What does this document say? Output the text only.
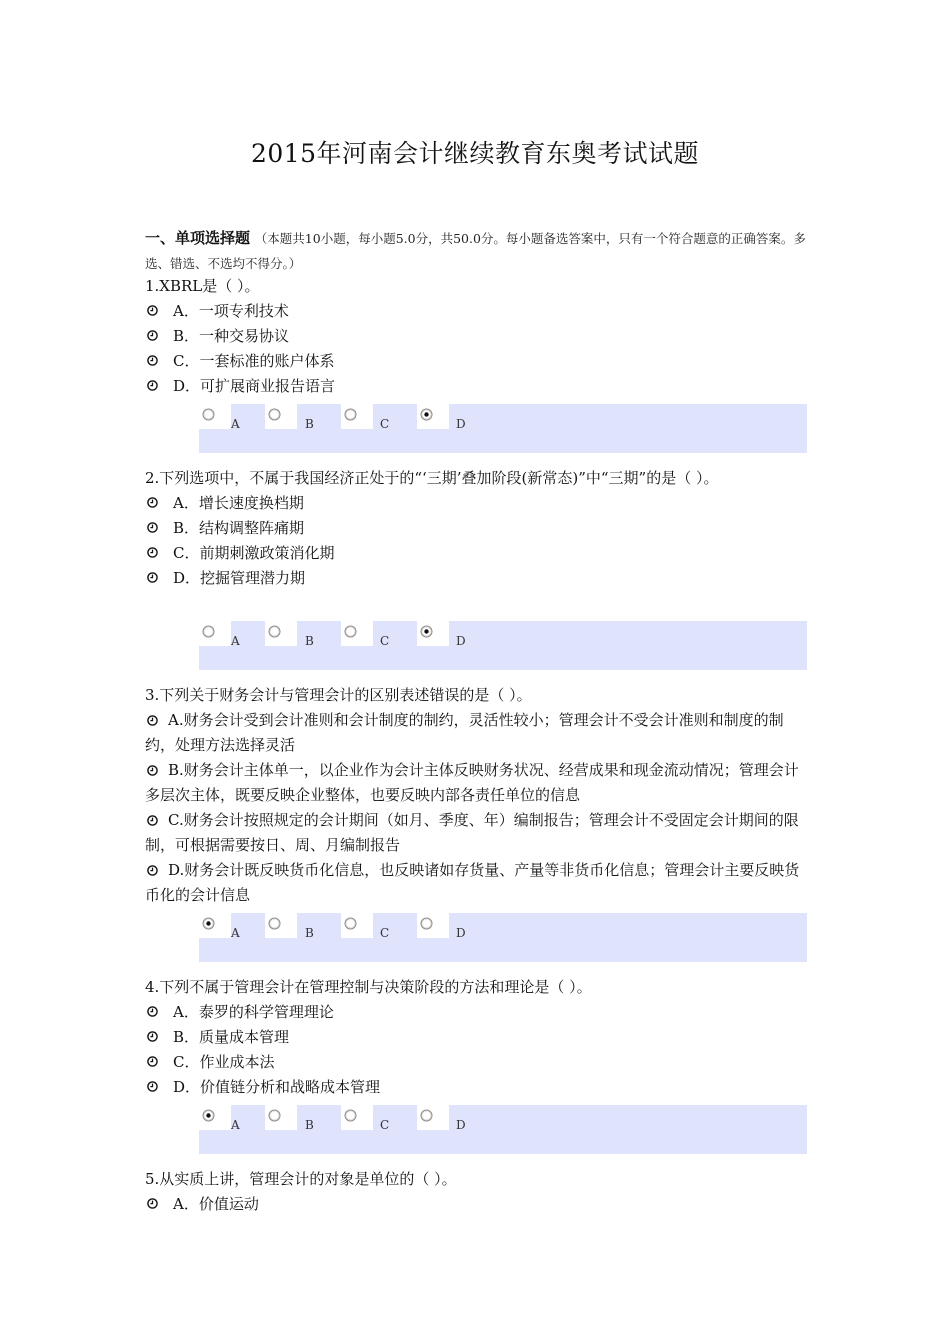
2015年河南会计继续教育东奥考试试题
一、单项选择题 （本题共10小题，每小题5.0分，共50.0分。每小题备选答案中，只有一个符合题意的正确答案。多选、错选、不选均不得分。）
1.XBRL是（ ）。
A．一项专利技术
B．一种交易协议
C．一套标准的账户体系
D．可扩展商业报告语言
A	B	C	D
2.下列选项中，不属于我国经济正处于的“‘三期’叠加阶段(新常态)”中“三期”的是（ ）。
A．增长速度换档期
B．结构调整阵痛期
C．前期刺激政策消化期
D．挖掘管理潜力期
A	B	C	D
3.下列关于财务会计与管理会计的区别表述错误的是（ ）。
A.财务会计受到会计准则和会计制度的制约，灵活性较小；管理会计不受会计准则和制度的制约，处理方法选择灵活
B.财务会计主体单一，以企业作为会计主体反映财务状况、经营成果和现金流动情况；管理会计多层次主体，既要反映企业整体，也要反映内部各责任单位的信息
C.财务会计按照规定的会计期间（如月、季度、年）编制报告；管理会计不受固定会计期间的限制，可根据需要按日、周、月编制报告
D.财务会计既反映货币化信息，也反映诸如存货量、产量等非货币化信息；管理会计主要反映货币化的会计信息
A	B	C	D
4.下列不属于管理会计在管理控制与决策阶段的方法和理论是（ ）。
A．泰罗的科学管理理论
B．质量成本管理
C．作业成本法
D．价值链分析和战略成本管理
A	B	C	D
5.从实质上讲，管理会计的对象是单位的（ ）。
A．价值运动
